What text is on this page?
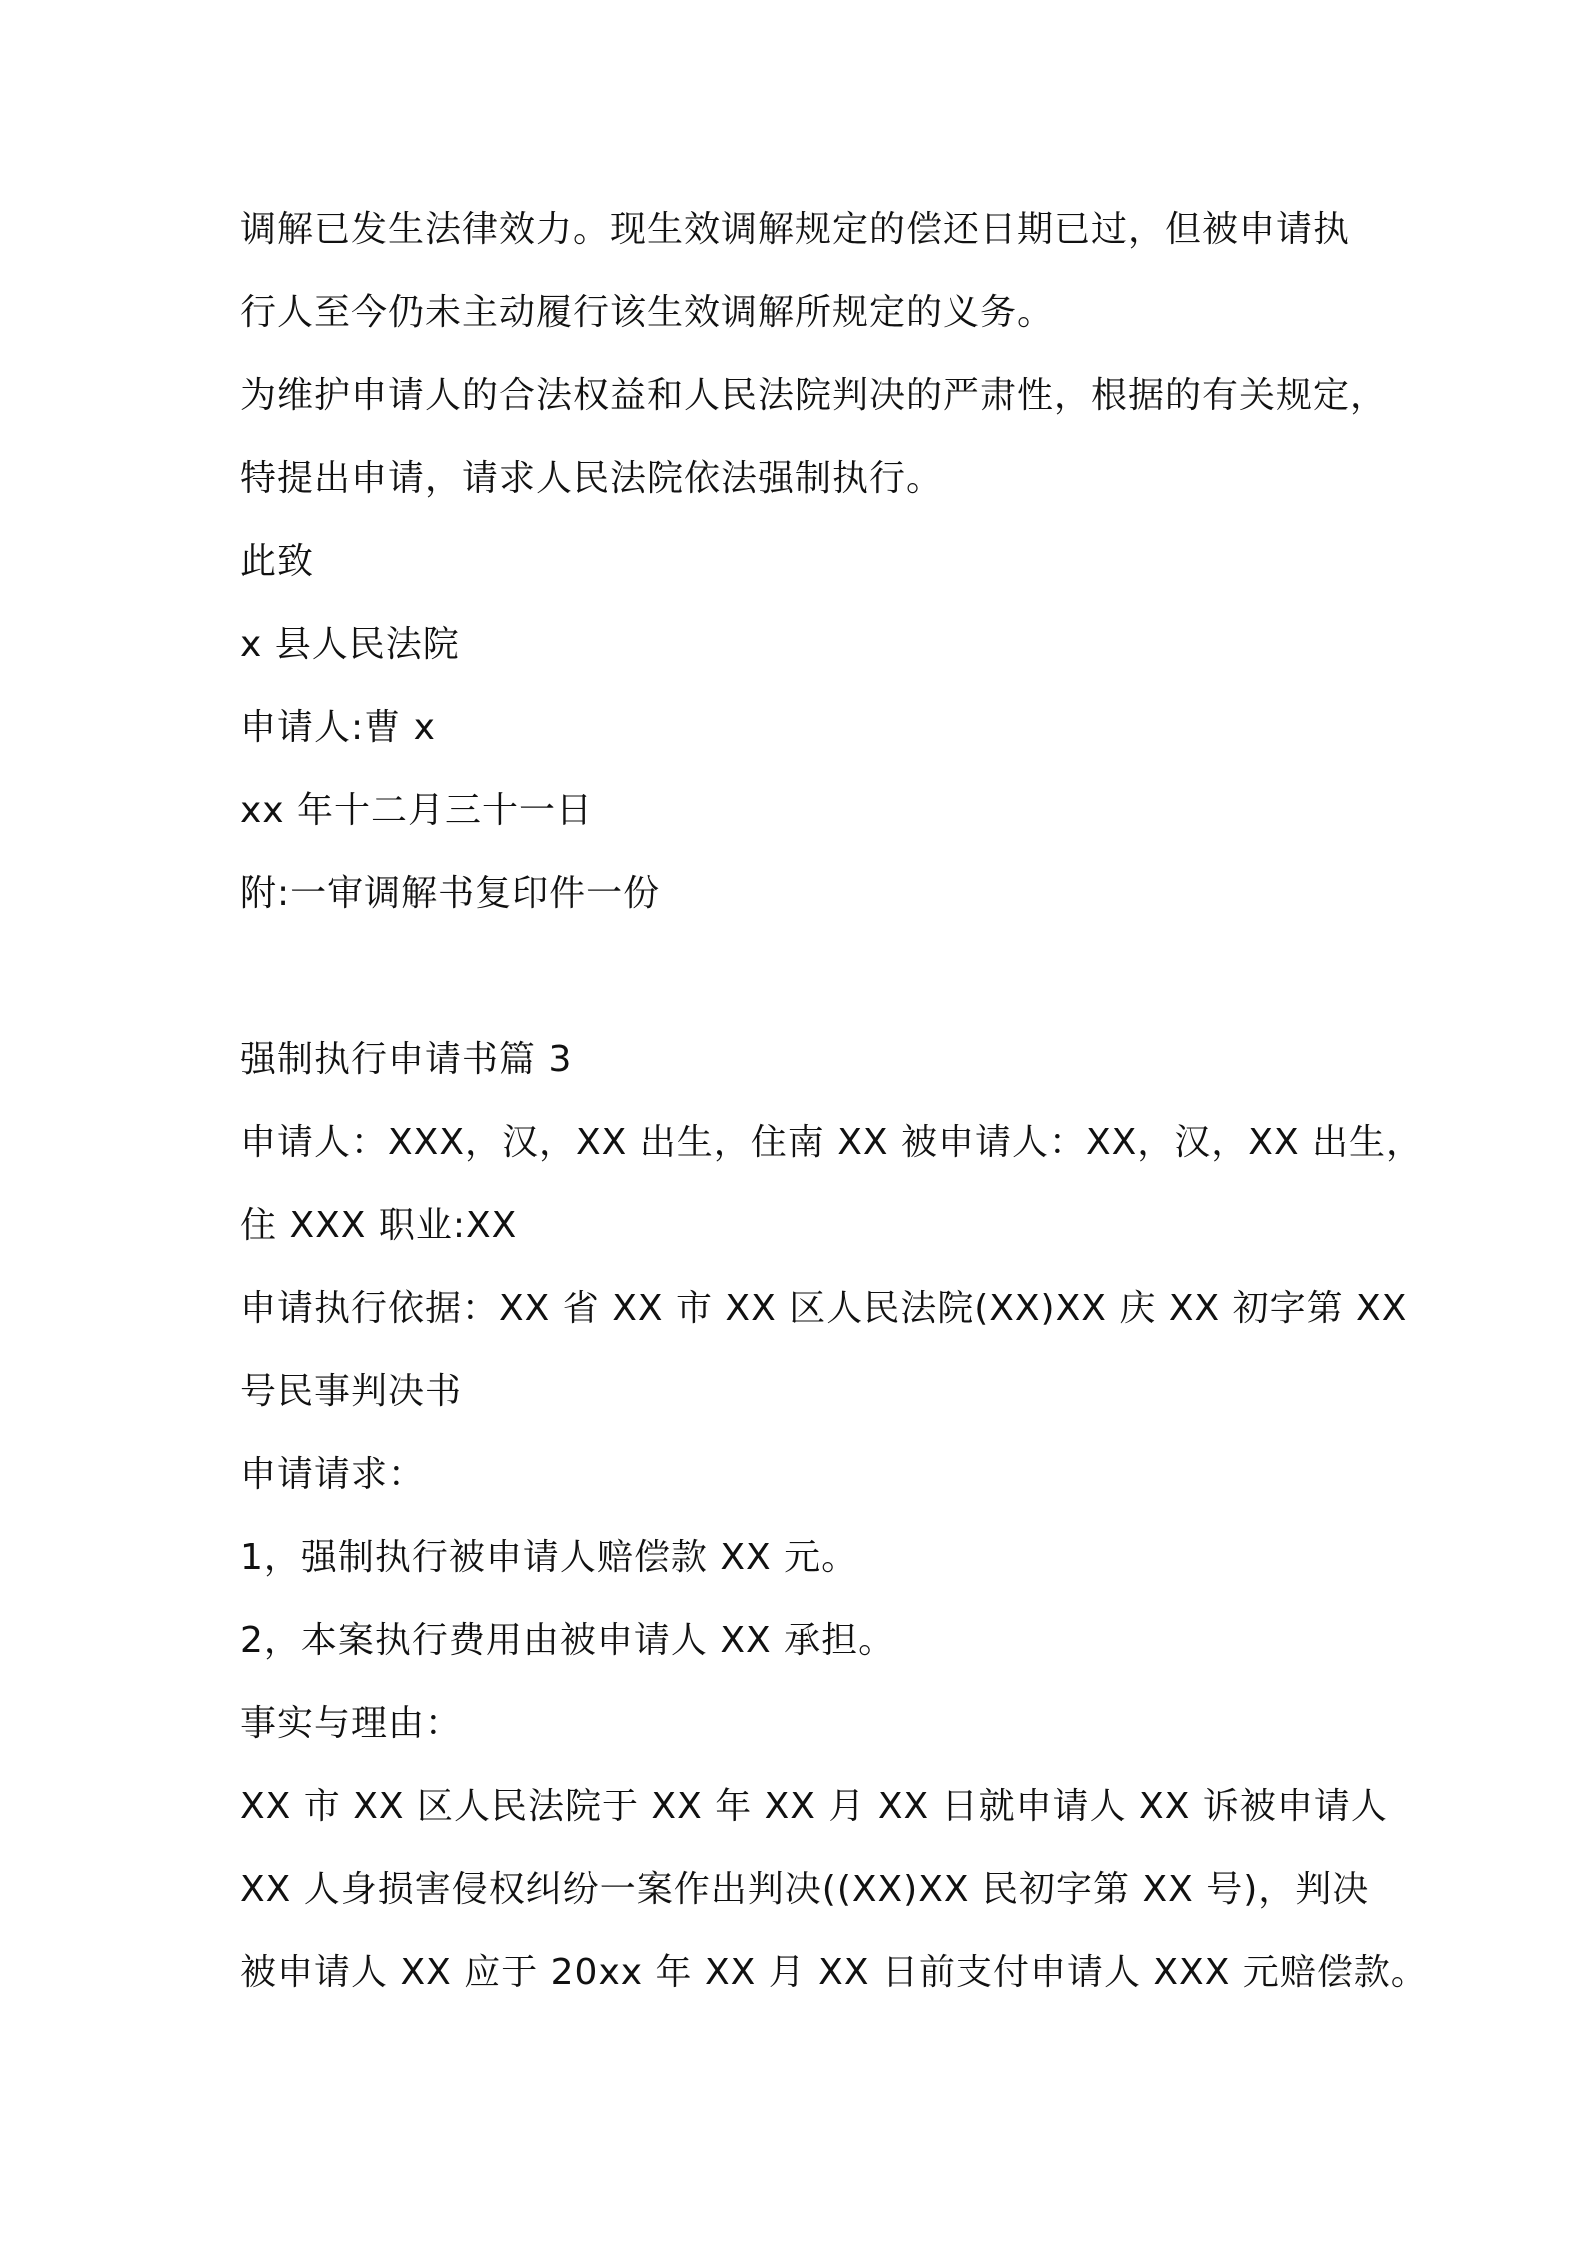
调解已发生法律效力。现生效调解规定的偿还日期已过，但被申请执
行人至今仍未主动履行该生效调解所规定的义务。
为维护申请人的合法权益和人民法院判决的严肃性，根据的有关规定，
特提出申请，请求人民法院依法强制执行。
此致
x 县人民法院
申请人:曹 x
xx 年十二月三十一日
附:一审调解书复印件一份
强制执行申请书篇 3
申请人：XXX，汉，XX 出生，住南 XX 被申请人：XX，汉，XX 出生，
住 XXX 职业:XX
申请执行依据：XX 省 XX 市 XX 区人民法院(XX)XX 庆 XX 初字第 XX
号民事判决书
申请请求：
1，强制执行被申请人赔偿款 XX 元。
2，本案执行费用由被申请人 XX 承担。
事实与理由：
XX 市 XX 区人民法院于 XX 年 XX 月 XX 日就申请人 XX 诉被申请人
XX 人身损害侵权纠纷一案作出判决((XX)XX 民初字第 XX 号)，判决
被申请人 XX 应于 20xx 年 XX 月 XX 日前支付申请人 XXX 元赔偿款。
